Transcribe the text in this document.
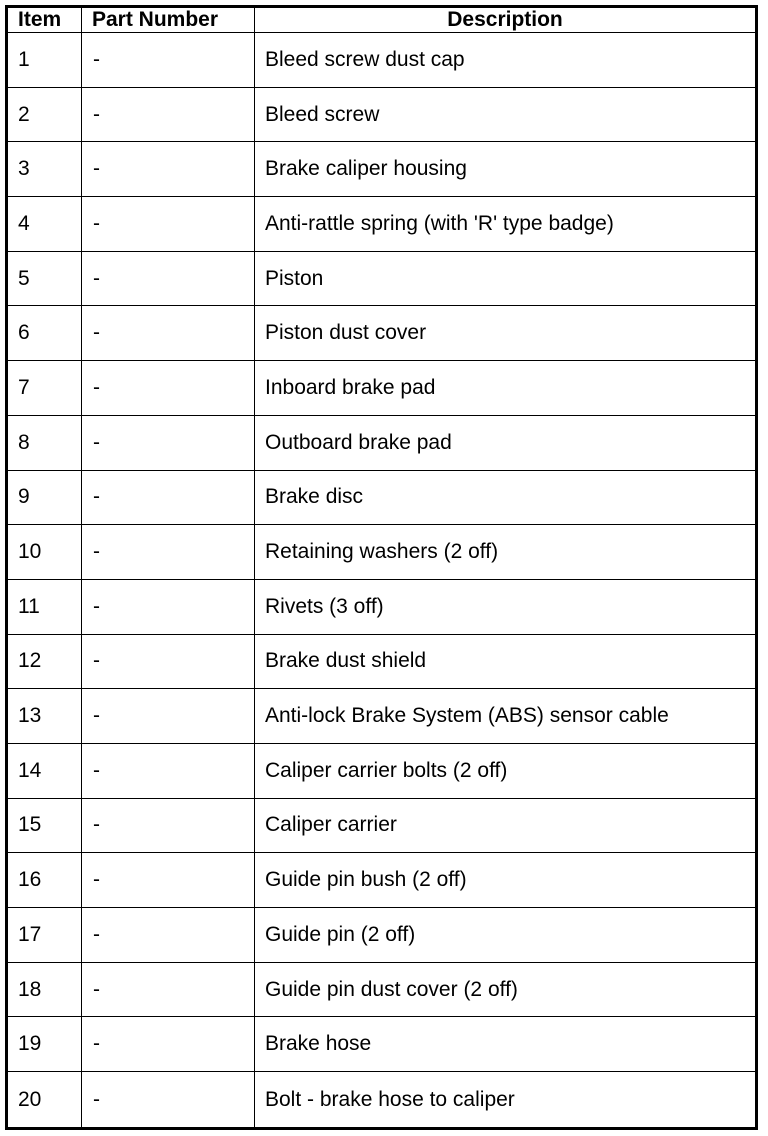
Item	Part Number	Description
1	-	Bleed screw dust cap
2	-	Bleed screw
3	-	Brake caliper housing
4	-	Anti-rattle spring (with 'R' type badge)
5	-	Piston
6	-	Piston dust cover
7	-	Inboard brake pad
8	-	Outboard brake pad
9	-	Brake disc
10	-	Retaining washers (2 off)
11	-	Rivets (3 off)
12	-	Brake dust shield
13	-	Anti-lock Brake System (ABS) sensor cable
14	-	Caliper carrier bolts (2 off)
15	-	Caliper carrier
16	-	Guide pin bush (2 off)
17	-	Guide pin (2 off)
18	-	Guide pin dust cover (2 off)
19	-	Brake hose
20	-	Bolt - brake hose to caliper
